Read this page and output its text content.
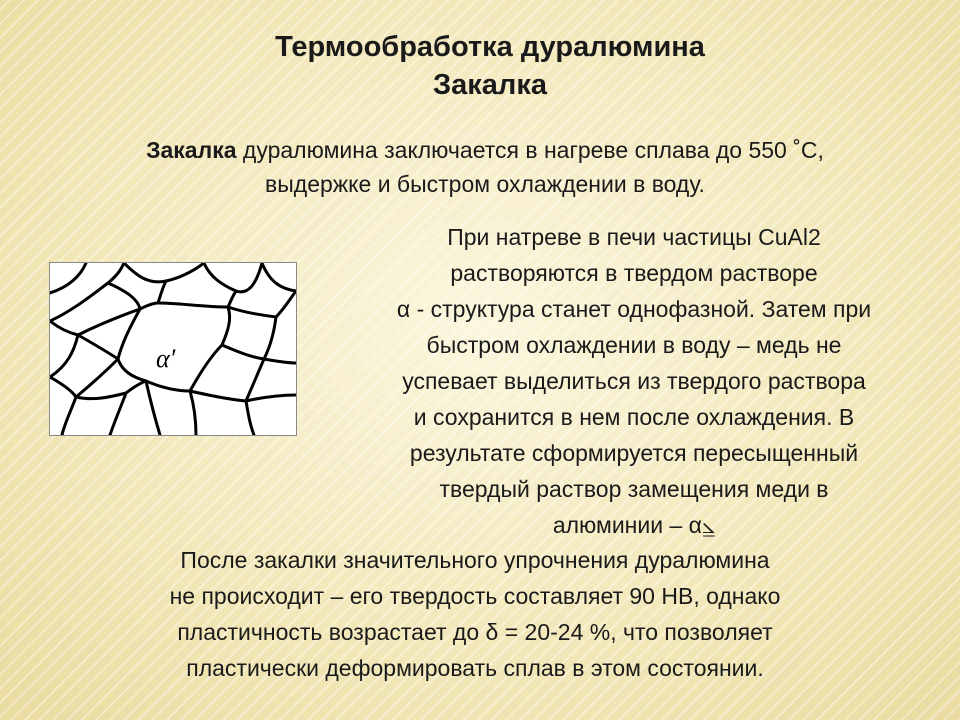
Термообработка дуралюмина
Закалка

Закалка дуралюмина заключается в нагреве сплава до 550 ˚С,
выдержке и быстром охлаждении в воду.

α′
При натреве в печи частицы CuAl2
растворяются в твердом растворе
α - структура станет однофазной. Затем при
быстром охлаждении в воду – медь не
успевает выделиться из твердого раствора
и сохранится в нем после охлаждения. В
результате сформируется пересыщенный
твердый раствор замещения меди в
алюминии – α⦥
После закалки значительного упрочнения дуралюмина
не происходит – его твердость составляет 90 НВ, однако
пластичность возрастает до δ = 20-24 %, что позволяет
пластически деформировать сплав в этом состоянии.
